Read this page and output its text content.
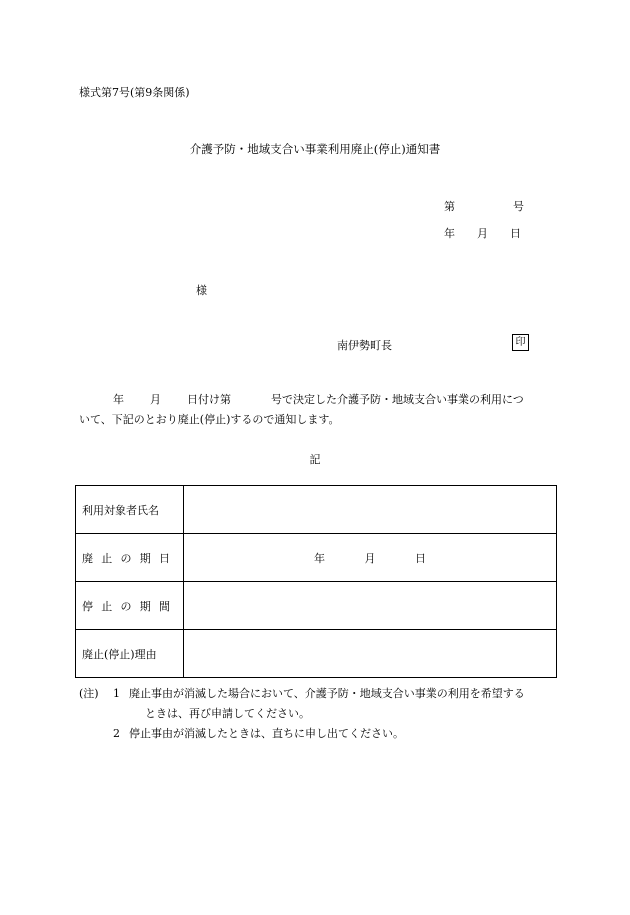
様式第7号(第9条関係)
介護予防・地域支合い事業利用廃止(停止)通知書
第	号
年 月 日
様
南伊勢町長	印
年 月 日付け第	号で決定した介護予防・地域支合い事業の利用につ
いて、下記のとおり廃止(停止)するので通知します。
記
利用対象者氏名	

廃 止 の 期 日	年 月 日

停 止 の 期 間	

廃止(停止)理由	

(注) 1 廃止事由が消滅した場合において、介護予防・地域支合い事業の利用を希望する
ときは、再び申請してください。
2 停止事由が消滅したときは、直ちに申し出てください。
